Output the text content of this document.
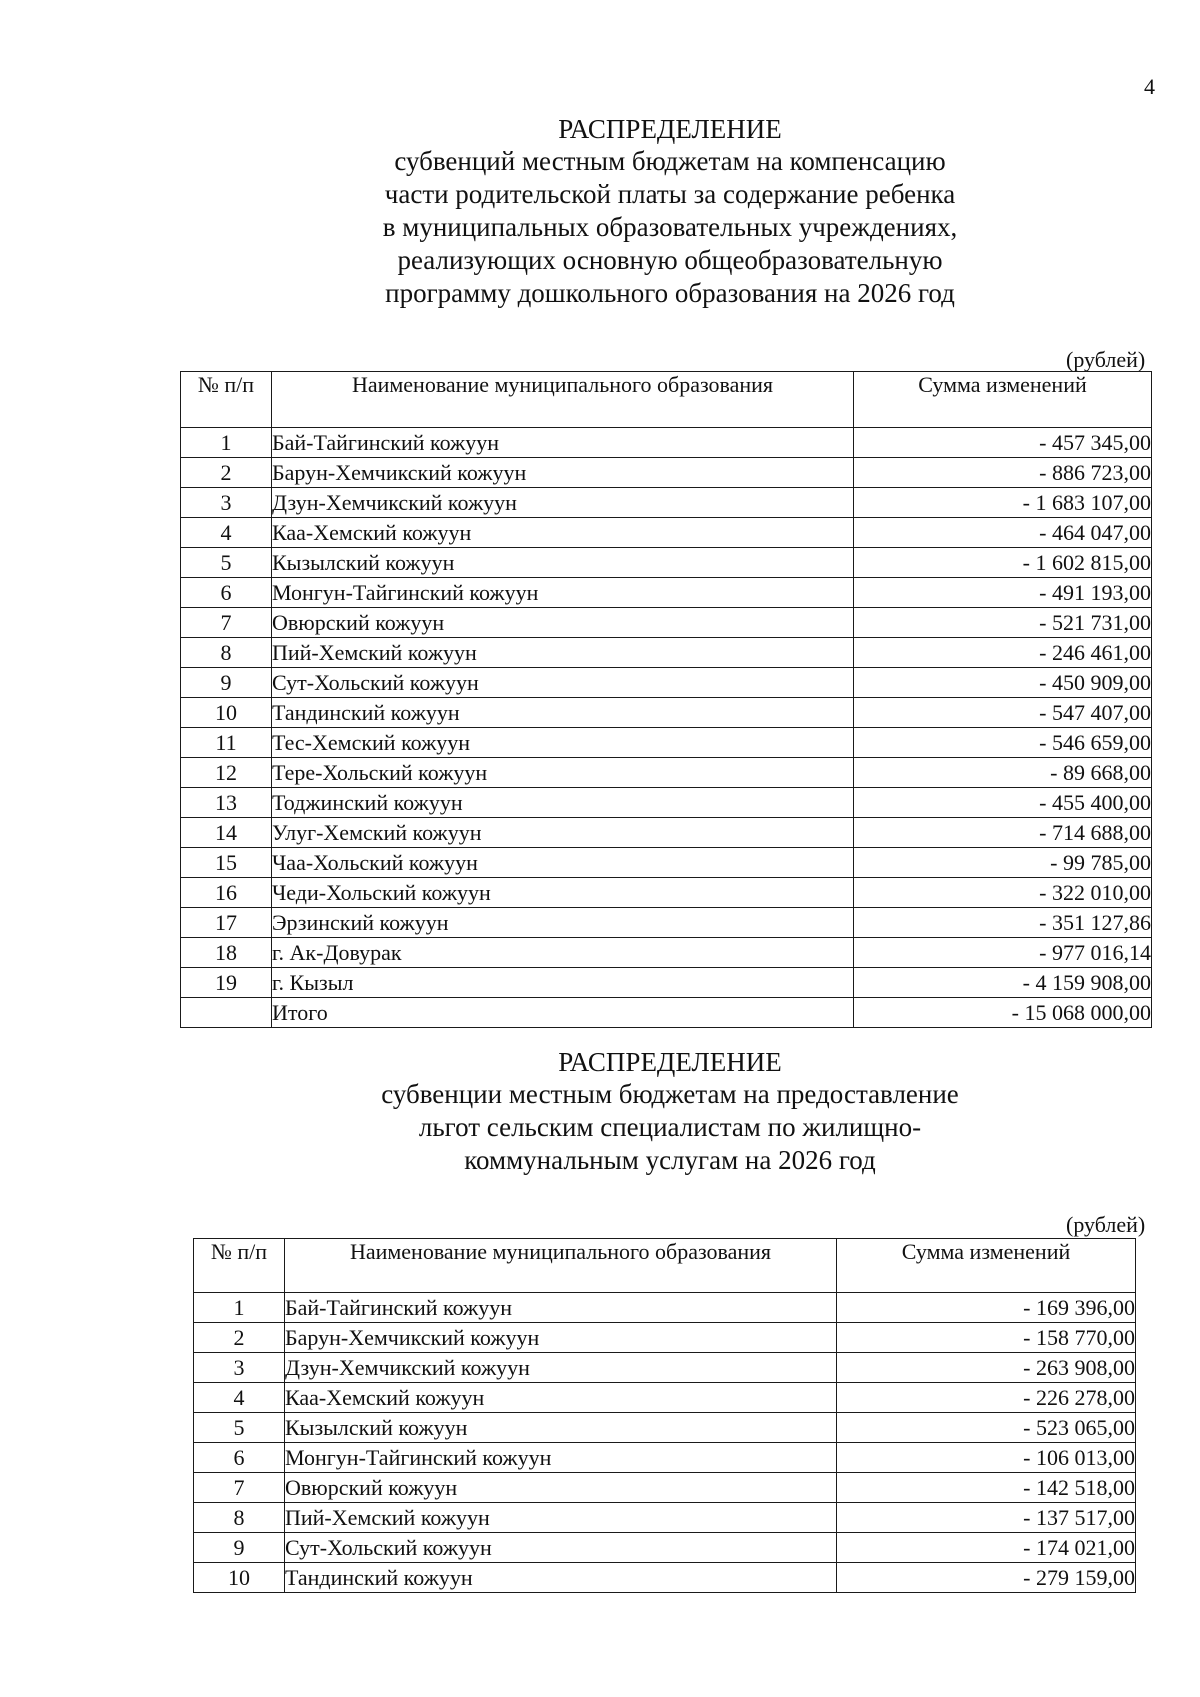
4

РАСПРЕДЕЛЕНИЕ

субвенций местным бюджетам на компенсацию

части родительской платы за содержание ребенка

в муниципальных образовательных учреждениях,

реализующих основную общеобразовательную

программу дошкольного образования на 2026 год

(рублей)
№ п/п	Наименование муниципального образования	Сумма изменений
1	Бай-Тайгинский кожуун	- 457 345,00
2	Барун-Хемчикский кожуун	- 886 723,00
3	Дзун-Хемчикский кожуун	- 1 683 107,00
4	Каа-Хемский кожуун	- 464 047,00
5	Кызылский кожуун	- 1 602 815,00
6	Монгун-Тайгинский кожуун	- 491 193,00
7	Овюрский кожуун	- 521 731,00
8	Пий-Хемский кожуун	- 246 461,00
9	Сут-Хольский кожуун	- 450 909,00
10	Тандинский кожуун	- 547 407,00
11	Тес-Хемский кожуун	- 546 659,00
12	Тере-Хольский кожуун	- 89 668,00
13	Тоджинский кожуун	- 455 400,00
14	Улуг-Хемский кожуун	- 714 688,00
15	Чаа-Хольский кожуун	- 99 785,00
16	Чеди-Хольский кожуун	- 322 010,00
17	Эрзинский кожуун	- 351 127,86
18	г. Ак-Довурак	- 977 016,14
19	г. Кызыл	- 4 159 908,00
	Итого	- 15 068 000,00

РАСПРЕДЕЛЕНИЕ

субвенции местным бюджетам на предоставление

льгот сельским специалистам по жилищно-

коммунальным услугам на 2026 год

(рублей)
№ п/п	Наименование муниципального образования	Сумма изменений
1	Бай-Тайгинский кожуун	- 169 396,00
2	Барун-Хемчикский кожуун	- 158 770,00
3	Дзун-Хемчикский кожуун	- 263 908,00
4	Каа-Хемский кожуун	- 226 278,00
5	Кызылский кожуун	- 523 065,00
6	Монгун-Тайгинский кожуун	- 106 013,00
7	Овюрский кожуун	- 142 518,00
8	Пий-Хемский кожуун	- 137 517,00
9	Сут-Хольский кожуун	- 174 021,00
10	Тандинский кожуун	- 279 159,00
